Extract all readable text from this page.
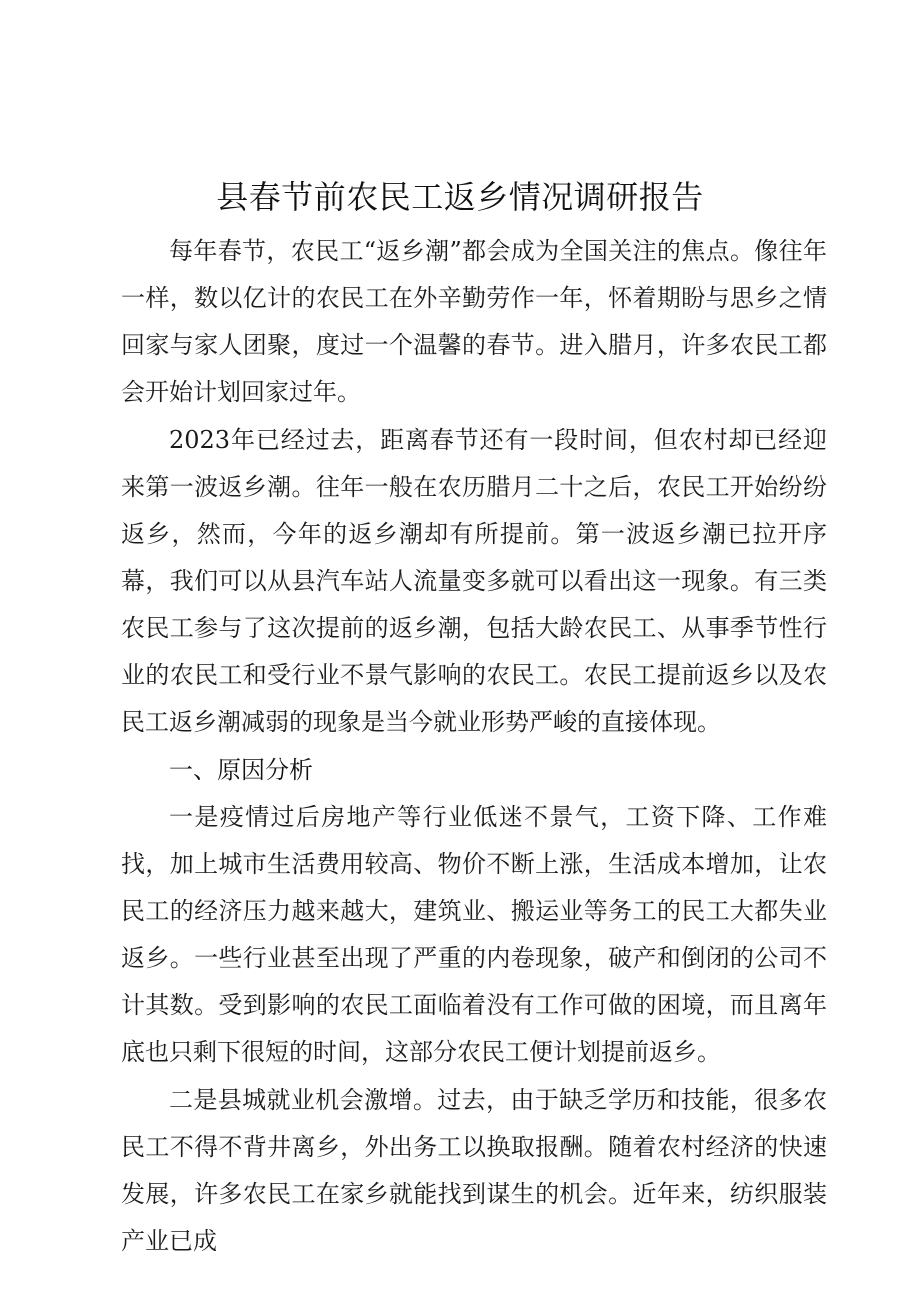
县春节前农民工返乡情况调研报告

每年春节，农民工“返乡潮”都会成为全国关注的焦点。像往年一样，数以亿计的农民工在外辛勤劳作一年，怀着期盼与思乡之情回家与家人团聚，度过一个温馨的春节。进入腊月，许多农民工都会开始计划回家过年。

2023年已经过去，距离春节还有一段时间，但农村却已经迎来第一波返乡潮。往年一般在农历腊月二十之后，农民工开始纷纷返乡，然而，今年的返乡潮却有所提前。第一波返乡潮已拉开序幕，我们可以从县汽车站人流量变多就可以看出这一现象。有三类农民工参与了这次提前的返乡潮，包括大龄农民工、从事季节性行业的农民工和受行业不景气影响的农民工。农民工提前返乡以及农民工返乡潮减弱的现象是当今就业形势严峻的直接体现。

一、原因分析

一是疫情过后房地产等行业低迷不景气，工资下降、工作难找，加上城市生活费用较高、物价不断上涨，生活成本增加，让农民工的经济压力越来越大，建筑业、搬运业等务工的民工大都失业返乡。一些行业甚至出现了严重的内卷现象，破产和倒闭的公司不计其数。受到影响的农民工面临着没有工作可做的困境，而且离年底也只剩下很短的时间，这部分农民工便计划提前返乡。

二是县城就业机会激增。过去，由于缺乏学历和技能，很多农民工不得不背井离乡，外出务工以换取报酬。随着农村经济的快速发展，许多农民工在家乡就能找到谋生的机会。近年来，纺织服装产业已成
